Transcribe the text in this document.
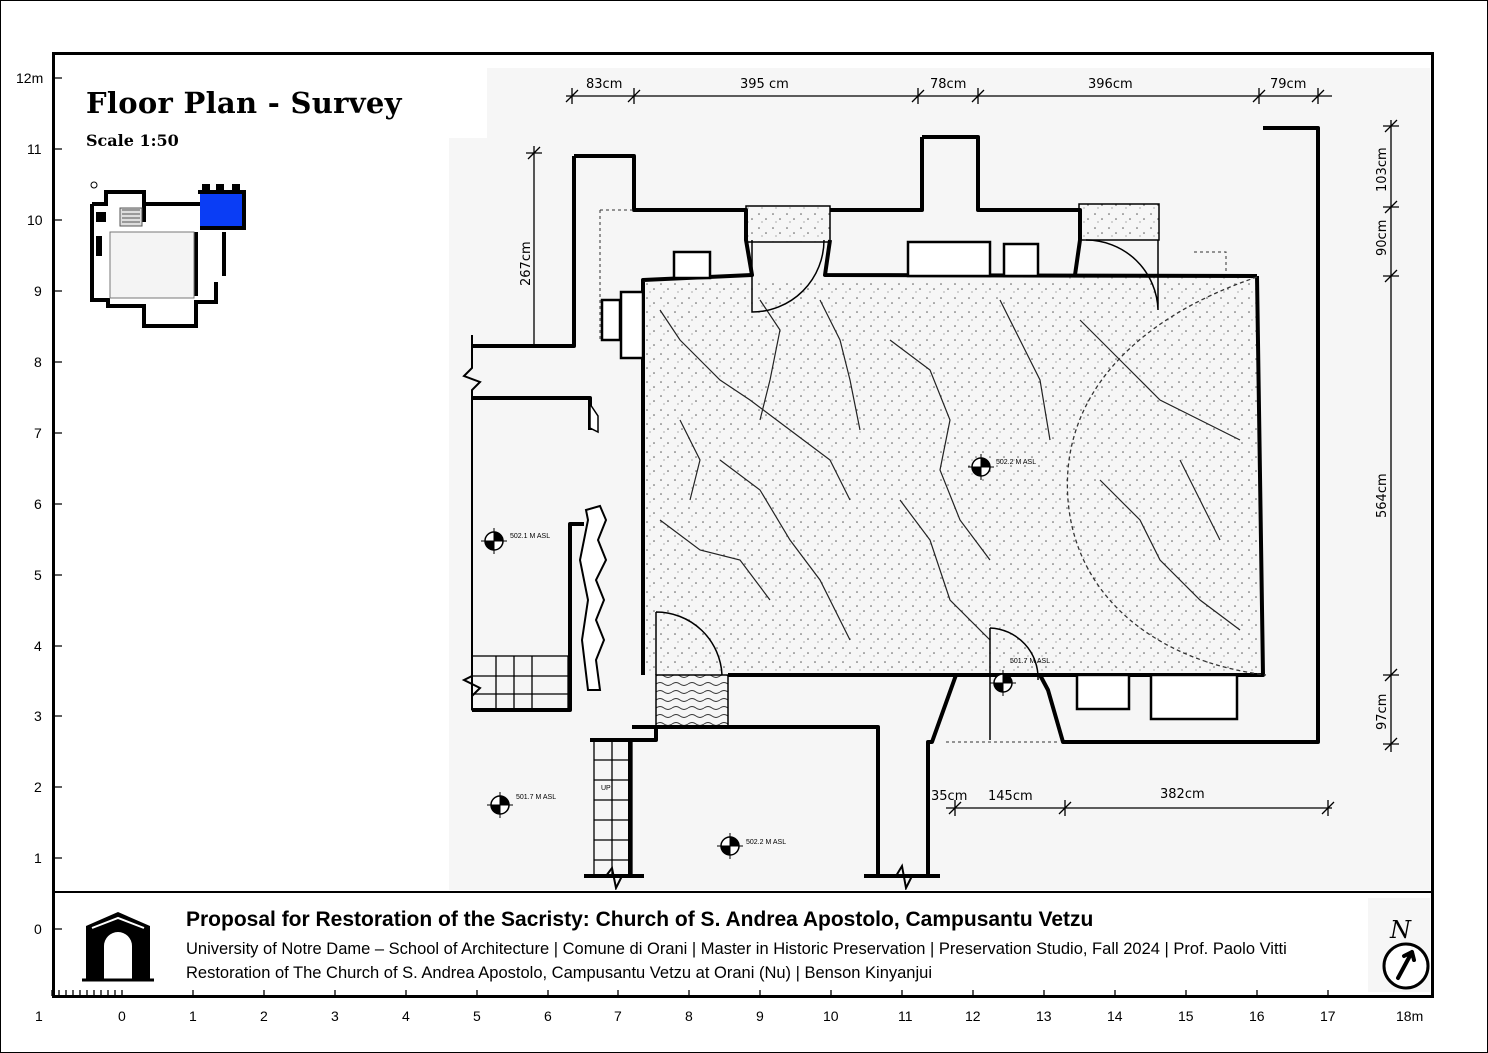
Floor Plan - Survey
Scale 1:50
502.1 M ASL
502.2 M ASL
501.7 M ASL
501.7 M ASL
502.2 M ASL
UP
83cm	395 cm	78cm	396cm	79cm
103cm
90cm
564cm
97cm
267cm
35cm 145cm	382cm
Proposal for Restoration of the Sacristy: Church of S. Andrea Apostolo, Campusantu Vetzu
University of Notre Dame – School of Architecture | Comune di Orani | Master in Historic Preservation | Preservation Studio, Fall 2024 | Prof. Paolo Vitti
Restoration of The Church of S. Andrea Apostolo, Campusantu Vetzu at Orani (Nu) | Benson Kinyanjui
N
12m
11
10
9
8
7
6
5
4
3
2
1
0
1	0	1	2	3	4	5	6	7	8	9	10	11	12	13	14	15	16	17	18m
